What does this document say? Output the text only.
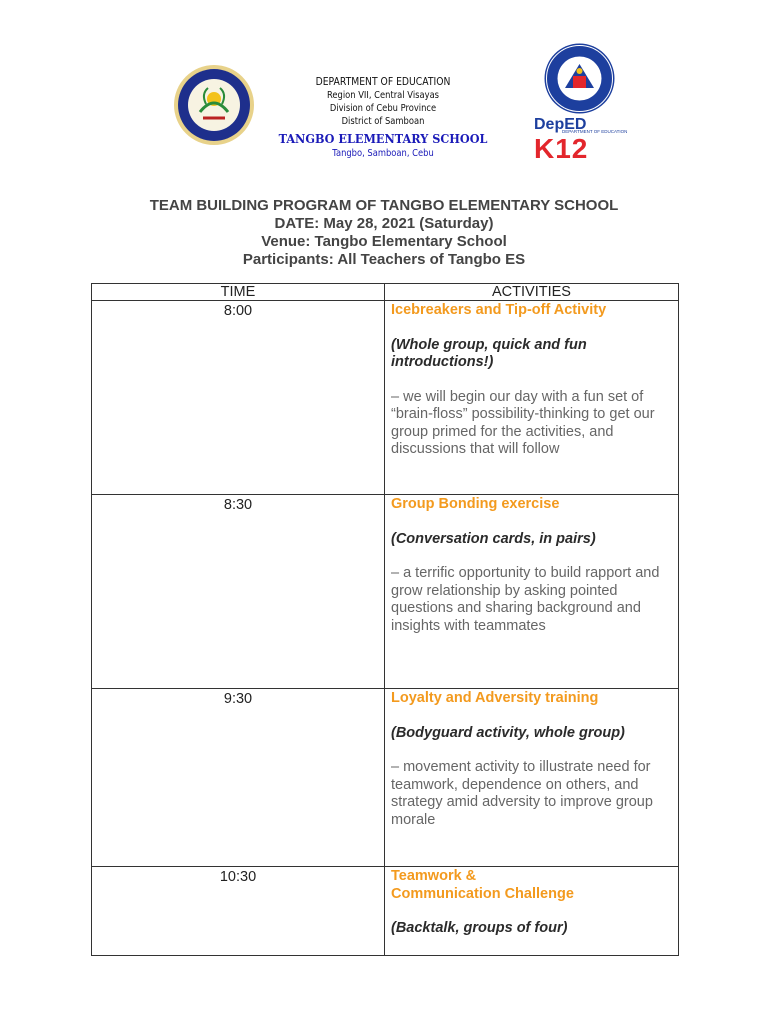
DEPARTMENT OF EDUCATION
Region VII, Central Visayas
Division of Cebu Province
District of Samboan
TANGBO ELEMENTARY SCHOOL
Tangbo, Samboan, Cebu
DepED
DEPARTMENT OF EDUCATION
K12
TEAM BUILDING PROGRAM OF TANGBO ELEMENTARY SCHOOL
DATE: May 28, 2021 (Saturday)
Venue: Tangbo Elementary School
Participants: All Teachers of Tangbo ES
TIME	ACTIVITIES
8:00	Icebreakers and Tip-off Activity
(Whole group, quick and fun introductions!)
– we will begin our day with a fun set of “brain-floss” possibility-thinking to get our group primed for the activities, and discussions that will follow

8:30	Group Bonding exercise
(Conversation cards, in pairs)
– a terrific opportunity to build rapport and grow relationship by asking pointed questions and sharing background and insights with teammates

9:30	Loyalty and Adversity training
(Bodyguard activity, whole group)
– movement activity to illustrate need for teamwork, dependence on others, and strategy amid adversity to improve group morale

10:30	Teamwork &
Communication Challenge
(Backtalk, groups of four)
